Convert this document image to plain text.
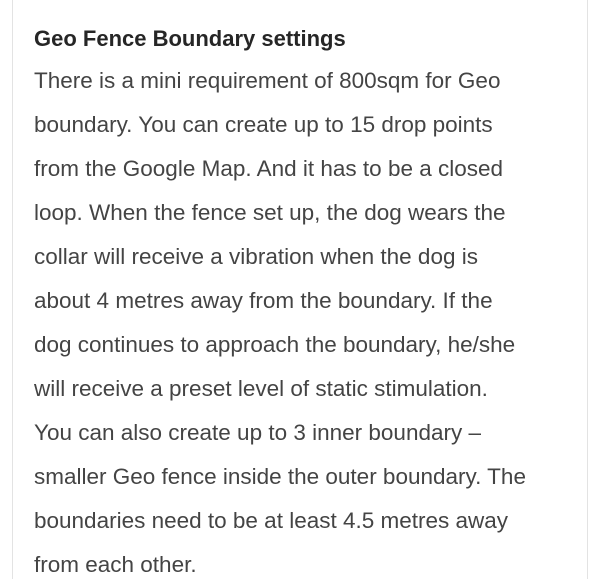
Geo Fence Boundary settings

There is a mini requirement of 800sqm for Geo
boundary. You can create up to 15 drop points
from the Google Map. And it has to be a closed
loop. When the fence set up, the dog wears the
collar will receive a vibration when the dog is
about 4 metres away from the boundary. If the
dog continues to approach the boundary, he/she
will receive a preset level of static stimulation.
You can also create up to 3 inner boundary –
smaller Geo fence inside the outer boundary. The
boundaries need to be at least 4.5 metres away
from each other.
